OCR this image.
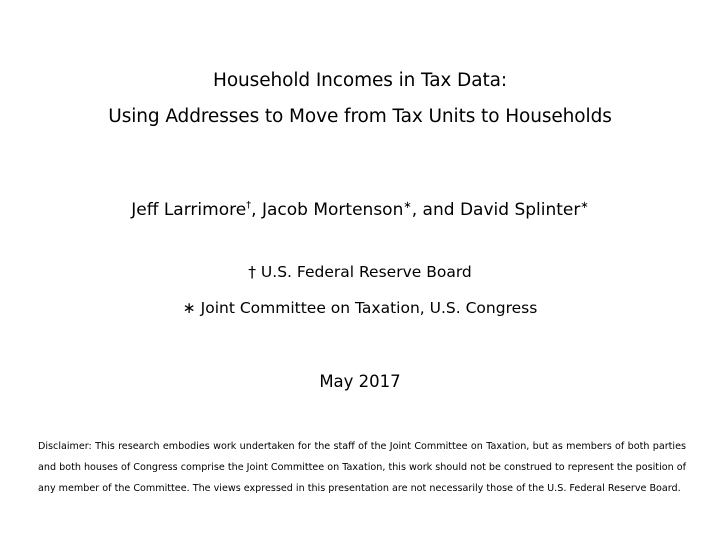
Household Incomes in Tax Data:
Using Addresses to Move from Tax Units to Households
Jeff Larrimore†, Jacob Mortenson∗, and David Splinter∗
† U.S. Federal Reserve Board
∗ Joint Committee on Taxation, U.S. Congress
May 2017
Disclaimer: This research embodies work undertaken for the staff of the Joint Committee on Taxation, but as members of both parties and both houses of Congress comprise the Joint Committee on Taxation, this work should not be construed to represent the position of any member of the Committee. The views expressed in this presentation are not necessarily those of the U.S. Federal Reserve Board.
